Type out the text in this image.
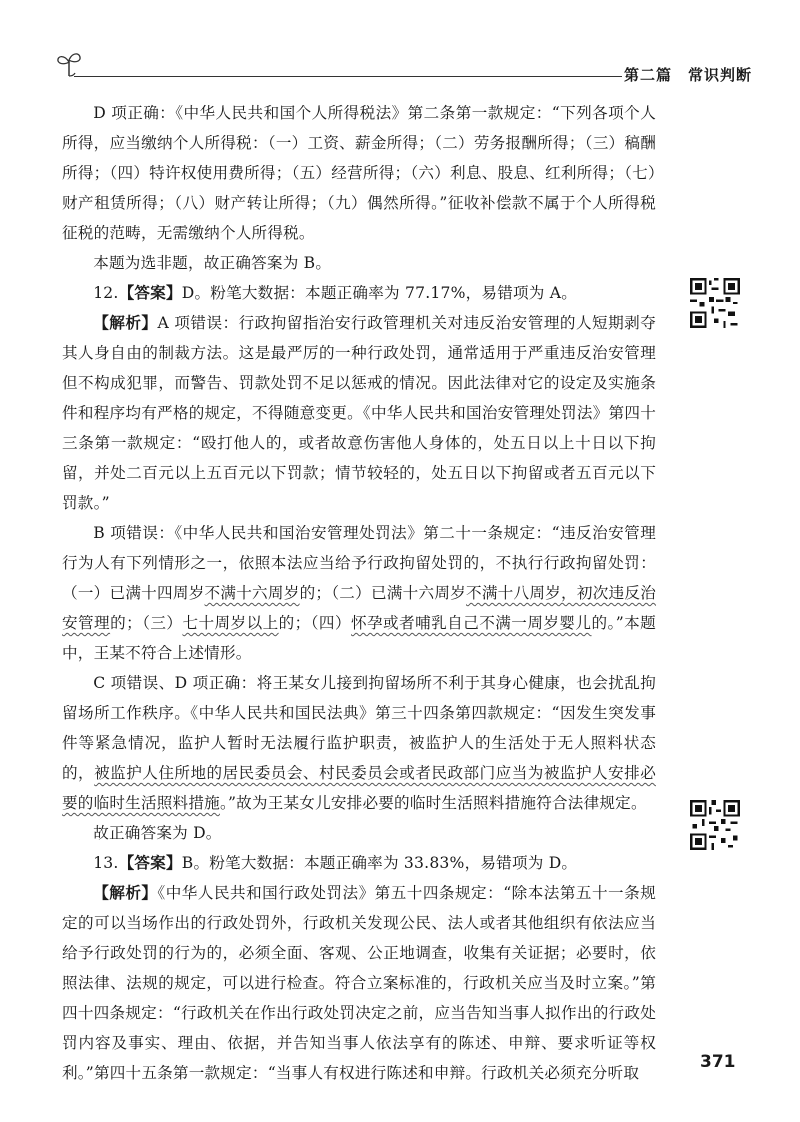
第二篇　常识判断

D 项正确：《中华人民共和国个人所得税法》第二条第一款规定：“下列各项个人所得，应当缴纳个人所得税：（一）工资、薪金所得；（二）劳务报酬所得；（三）稿酬所得；（四）特许权使用费所得；（五）经营所得；（六）利息、股息、红利所得；（七）财产租赁所得；（八）财产转让所得；（九）偶然所得。”征收补偿款不属于个人所得税征税的范畴，无需缴纳个人所得税。

本题为选非题，故正确答案为 B。

12.【答案】D。粉笔大数据：本题正确率为 77.17%，易错项为 A。

【解析】A 项错误：行政拘留指治安行政管理机关对违反治安管理的人短期剥夺其人身自由的制裁方法。这是最严厉的一种行政处罚，通常适用于严重违反治安管理但不构成犯罪，而警告、罚款处罚不足以惩戒的情况。因此法律对它的设定及实施条件和程序均有严格的规定，不得随意变更。《中华人民共和国治安管理处罚法》第四十三条第一款规定：“殴打他人的，或者故意伤害他人身体的，处五日以上十日以下拘留，并处二百元以上五百元以下罚款；情节较轻的，处五日以下拘留或者五百元以下罚款。”

B 项错误：《中华人民共和国治安管理处罚法》第二十一条规定：“违反治安管理行为人有下列情形之一，依照本法应当给予行政拘留处罚的，不执行行政拘留处罚：（一）已满十四周岁不满十六周岁的；（二）已满十六周岁不满十八周岁，初次违反治安管理的；（三）七十周岁以上的；（四）怀孕或者哺乳自己不满一周岁婴儿的。”本题中，王某不符合上述情形。

C 项错误、D 项正确：将王某女儿接到拘留场所不利于其身心健康，也会扰乱拘留场所工作秩序。《中华人民共和国民法典》第三十四条第四款规定：“因发生突发事件等紧急情况，监护人暂时无法履行监护职责，被监护人的生活处于无人照料状态的，被监护人住所地的居民委员会、村民委员会或者民政部门应当为被监护人安排必要的临时生活照料措施。”故为王某女儿安排必要的临时生活照料措施符合法律规定。

故正确答案为 D。

13.【答案】B。粉笔大数据：本题正确率为 33.83%，易错项为 D。

【解析】《中华人民共和国行政处罚法》第五十四条规定：“除本法第五十一条规定的可以当场作出的行政处罚外，行政机关发现公民、法人或者其他组织有依法应当给予行政处罚的行为的，必须全面、客观、公正地调查，收集有关证据；必要时，依照法律、法规的规定，可以进行检查。符合立案标准的，行政机关应当及时立案。”第四十四条规定：“行政机关在作出行政处罚决定之前，应当告知当事人拟作出的行政处罚内容及事实、理由、依据，并告知当事人依法享有的陈述、申辩、要求听证等权利。”第四十五条第一款规定：“当事人有权进行陈述和申辩。行政机关必须充分听取

371
